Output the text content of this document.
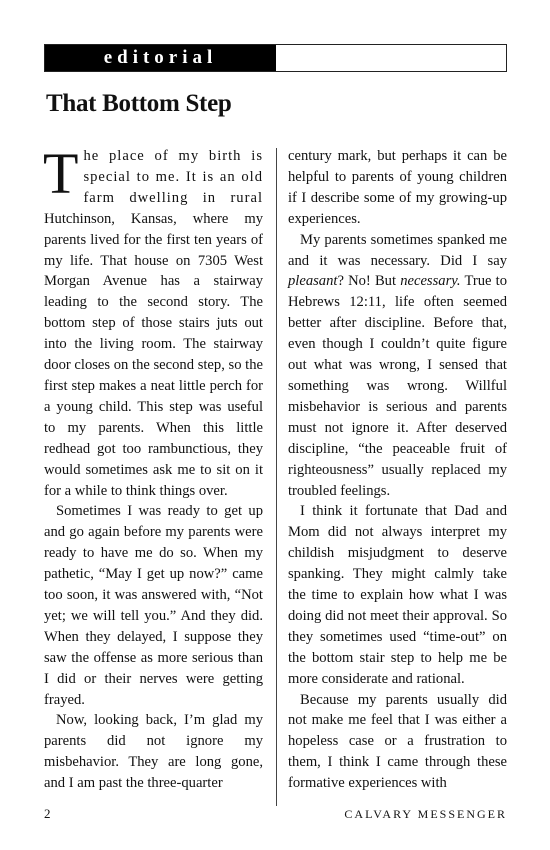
editorial
That Bottom Step

The place of my birth is special to me. It is an old farm dwelling in rural Hutchinson, Kansas, where my parents lived for the first ten years of my life. That house on 7305 West Morgan Avenue has a stairway leading to the second story. The bottom step of those stairs juts out into the living room. The stairway door closes on the second step, so the first step makes a neat little perch for a young child. This step was useful to my parents. When this little redhead got too rambunctious, they would sometimes ask me to sit on it for a while to think things over.

Sometimes I was ready to get up and go again before my parents were ready to have me do so. When my pathetic, “May I get up now?” came too soon, it was answered with, “Not yet; we will tell you.” And they did. When they delayed, I suppose they saw the offense as more serious than I did or their nerves were getting frayed.

Now, looking back, I’m glad my parents did not ignore my misbehavior. They are long gone, and I am past the three-quarter

century mark, but perhaps it can be helpful to parents of young children if I describe some of my growing-up experiences.

My parents sometimes spanked me and it was necessary. Did I say pleasant? No! But necessary. True to Hebrews 12:11, life often seemed better after discipline. Before that, even though I couldn’t quite figure out what was wrong, I sensed that something was wrong. Willful misbehavior is serious and parents must not ignore it. After deserved discipline, “the peaceable fruit of righteousness” usually replaced my troubled feelings.

I think it fortunate that Dad and Mom did not always interpret my childish misjudgment to deserve spanking. They might calmly take the time to explain how what I was doing did not meet their approval. So they sometimes used “time-out” on the bottom stair step to help me be more considerate and rational.

Because my parents usually did not make me feel that I was either a hopeless case or a frustration to them, I think I came through these formative experiences with

2	CALVARY MESSENGER
